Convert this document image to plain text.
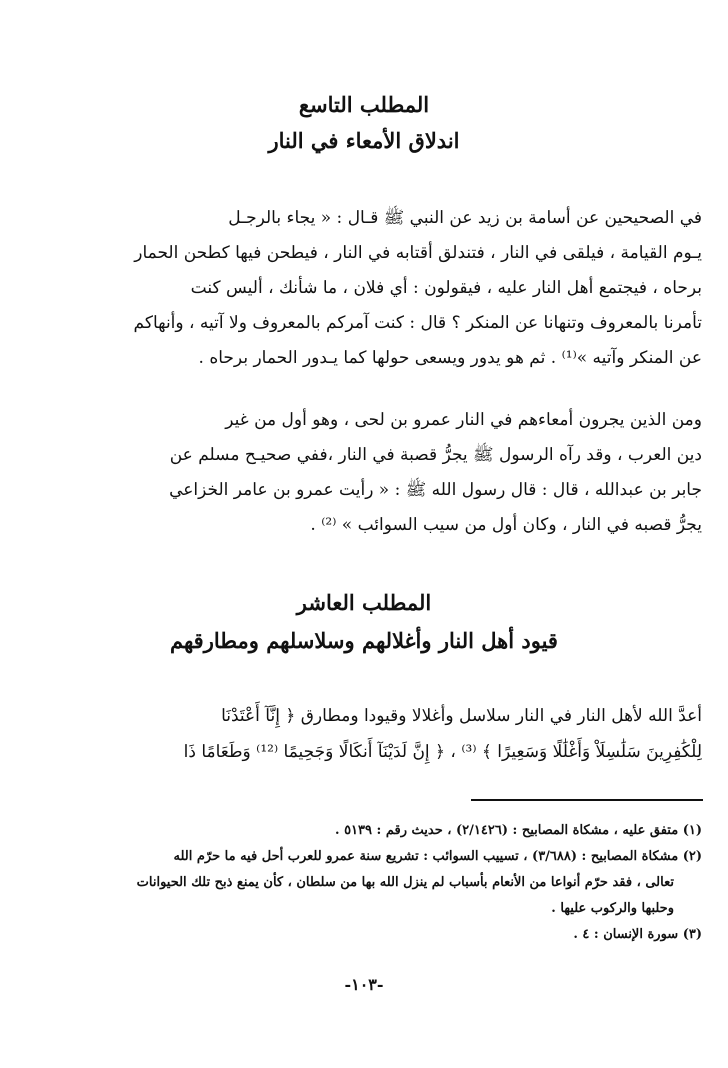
المطلب التاسع
اندلاق الأمعاء في النار
في الصحيحين عن أسامة بن زيد عن النبي ﷺ قـال : « يجاء بالرجـل
يـوم القيامة ، فيلقى في النار ، فتندلق أقتابه في النار ، فيطحن فيها كطحن الحمار
برحاه ، فيجتمع أهل النار عليه ، فيقولون : أي فلان ، ما شأنك ، أليس كنت
تأمرنا بالمعروف وتنهانا عن المنكر ؟ قال : كنت آمركم بالمعروف ولا آتيه ، وأنهاكم
عن المنكر وآتيه »⁽¹⁾ . ثم هو يدور ويسعى حولها كما يـدور الحمار برحاه .
ومن الذين يجرون أمعاءهم في النار عمرو بن لحى ، وهو أول من غير
دين العرب ، وقد رآه الرسول ﷺ يجرُّ قصبة في النار ،ففي صحيـح مسلم عن
جابر بن عبدالله ، قال : قال رسول الله ﷺ : « رأيت عمرو بن عامر الخزاعي
يجرُّ قصبه في النار ، وكان أول من سيب السوائب » ⁽²⁾ .
المطلب العاشر
قيود أهل النار وأغلالهم وسلاسلهم ومطارقهم
أعدَّ الله لأهل النار في النار سلاسل وأغلالا وقيودا ومطارق ﴿ إِنَّآ أَعْتَدْنَا
لِلْكَٰفِرِينَ سَلَٰسِلَاْ وَأَغْلَٰلًا وَسَعِيرًا ﴾ ⁽³⁾ ، ﴿ إِنَّ لَدَيْنَآ أَنكَالًا وَجَحِيمًا ⁽¹²⁾ وَطَعَامًا ذَا
(١) متفق عليه ، مشكاة المصابيح : (٢/١٤٢٦) ، حديث رقم : ٥١٣٩ .
(٢) مشكاة المصابيح : (٣/٦٨٨) ، تسييب السوائب : تشريع سنة عمرو للعرب أحل فيه ما حرّم الله
تعالى ، فقد حرّم أنواعا من الأنعام بأسباب لم ينزل الله بها من سلطان ، كأن يمنع ذبح تلك الحيوانات
وحلبها والركوب عليها .
(٣) سورة الإنسان : ٤ .
-١٠٣-
